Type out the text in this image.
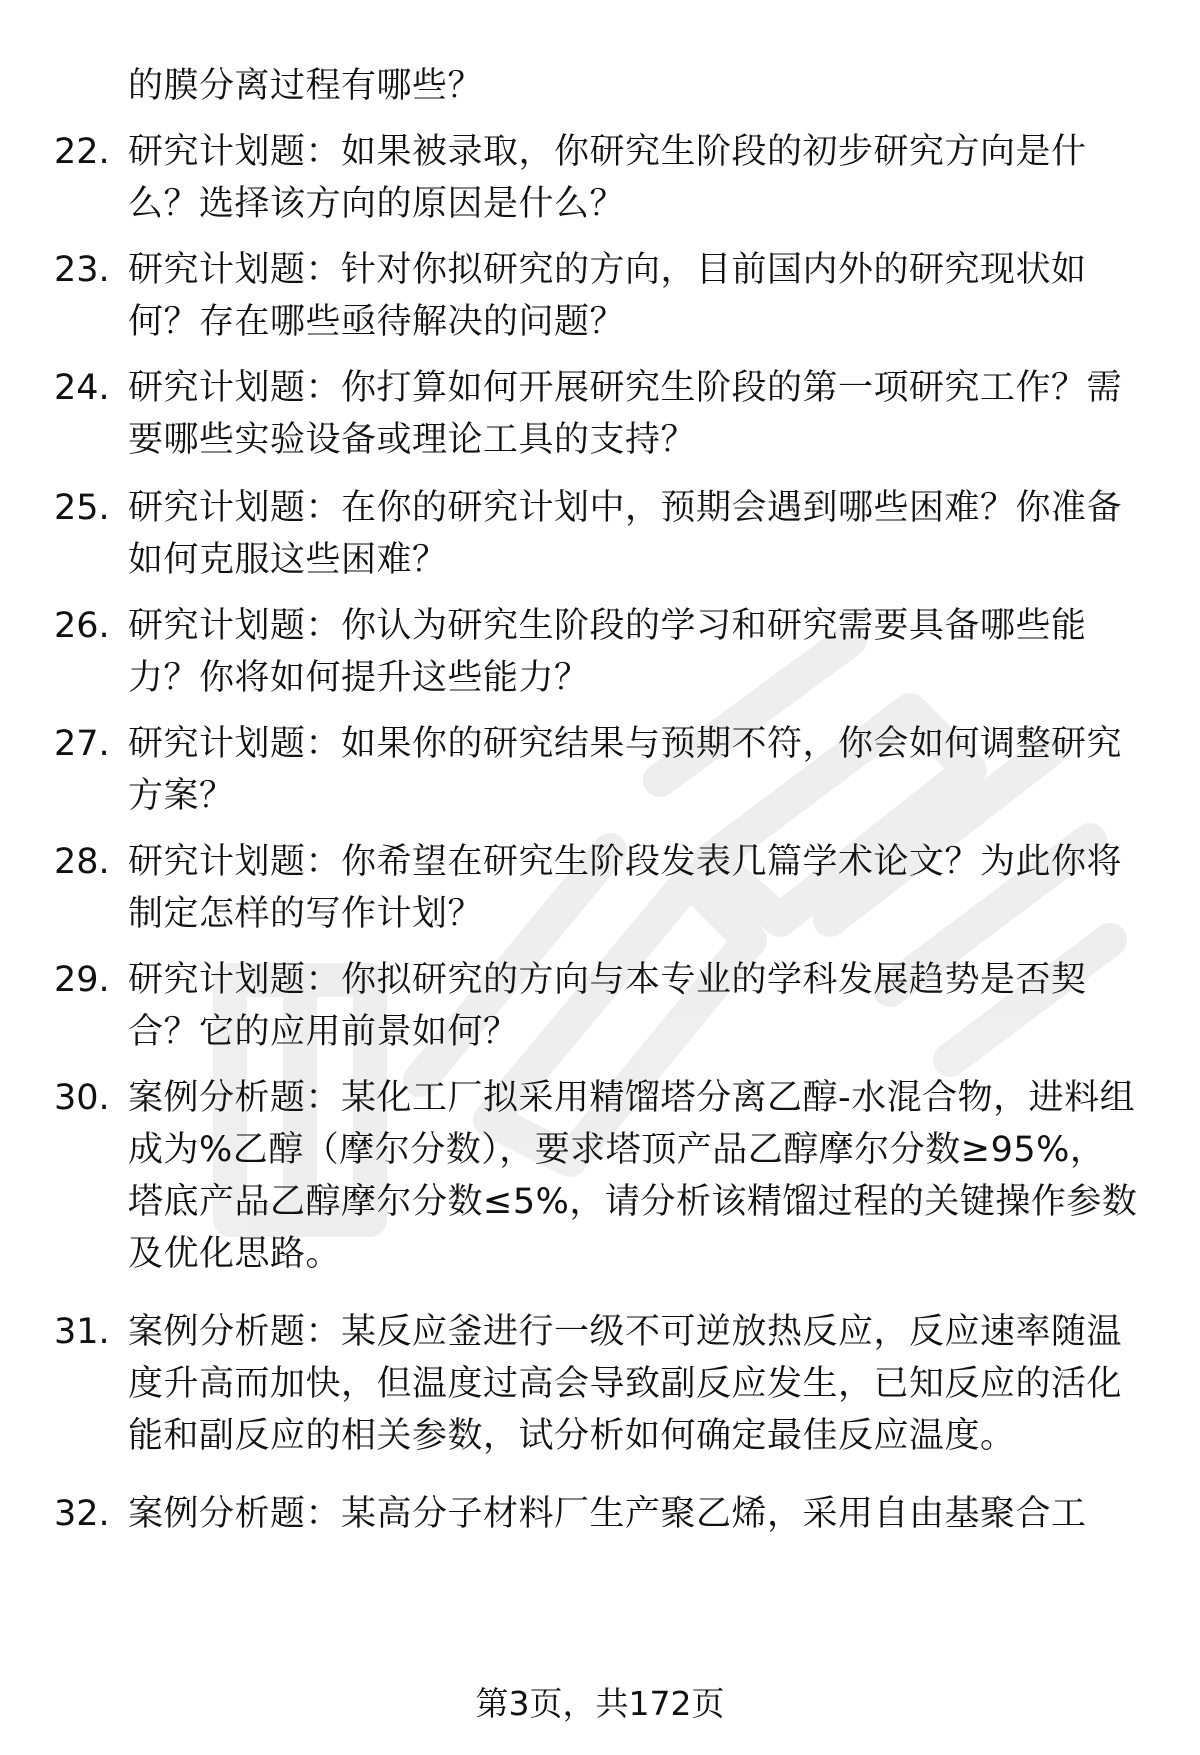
的膜分离过程有哪些？
22. 研究计划题：如果被录取，你研究生阶段的初步研究方向是什
么？选择该方向的原因是什么？
23. 研究计划题：针对你拟研究的方向，目前国内外的研究现状如
何？存在哪些亟待解决的问题？
24. 研究计划题：你打算如何开展研究生阶段的第一项研究工作？需
要哪些实验设备或理论工具的支持？
25. 研究计划题：在你的研究计划中，预期会遇到哪些困难？你准备
如何克服这些困难？
26. 研究计划题：你认为研究生阶段的学习和研究需要具备哪些能
力？你将如何提升这些能力？
27. 研究计划题：如果你的研究结果与预期不符，你会如何调整研究
方案？
28. 研究计划题：你希望在研究生阶段发表几篇学术论文？为此你将
制定怎样的写作计划？
29. 研究计划题：你拟研究的方向与本专业的学科发展趋势是否契
合？它的应用前景如何？
30. 案例分析题：某化工厂拟采用精馏塔分离乙醇-水混合物，进料组
成为%乙醇（摩尔分数），要求塔顶产品乙醇摩尔分数≥95%，
塔底产品乙醇摩尔分数≤5%，请分析该精馏过程的关键操作参数
及优化思路。
31. 案例分析题：某反应釜进行一级不可逆放热反应，反应速率随温
度升高而加快，但温度过高会导致副反应发生，已知反应的活化
能和副反应的相关参数，试分析如何确定最佳反应温度。
32. 案例分析题：某高分子材料厂生产聚乙烯，采用自由基聚合工
第3页，共172页
